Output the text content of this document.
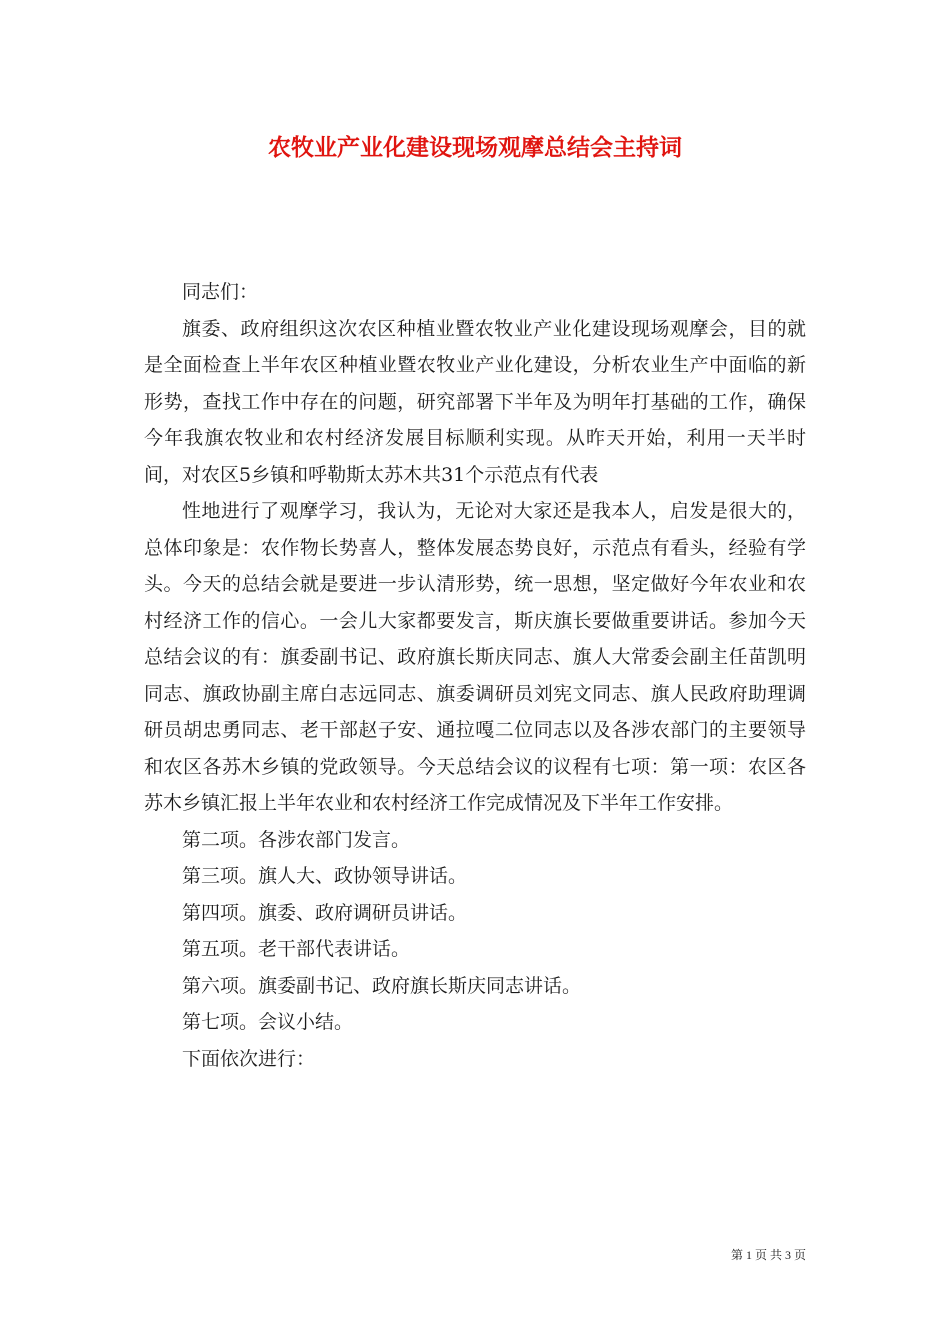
农牧业产业化建设现场观摩总结会主持词

同志们：

旗委、政府组织这次农区种植业暨农牧业产业化建设现场观摩会，目的就是全面检查上半年农区种植业暨农牧业产业化建设，分析农业生产中面临的新形势，查找工作中存在的问题，研究部署下半年及为明年打基础的工作，确保今年我旗农牧业和农村经济发展目标顺利实现。从昨天开始，利用一天半时间，对农区5乡镇和呼勒斯太苏木共31个示范点有代表

性地进行了观摩学习，我认为，无论对大家还是我本人，启发是很大的，总体印象是：农作物长势喜人，整体发展态势良好，示范点有看头，经验有学头。今天的总结会就是要进一步认清形势，统一思想，坚定做好今年农业和农村经济工作的信心。一会儿大家都要发言，斯庆旗长要做重要讲话。参加今天总结会议的有：旗委副书记、政府旗长斯庆同志、旗人大常委会副主任苗凯明同志、旗政协副主席白志远同志、旗委调研员刘宪文同志、旗人民政府助理调研员胡忠勇同志、老干部赵子安、通拉嘎二位同志以及各涉农部门的主要领导和农区各苏木乡镇的党政领导。今天总结会议的议程有七项：第一项：农区各苏木乡镇汇报上半年农业和农村经济工作完成情况及下半年工作安排。

第二项。各涉农部门发言。

第三项。旗人大、政协领导讲话。

第四项。旗委、政府调研员讲话。

第五项。老干部代表讲话。

第六项。旗委副书记、政府旗长斯庆同志讲话。

第七项。会议小结。

下面依次进行：

第 1 页 共 3 页
